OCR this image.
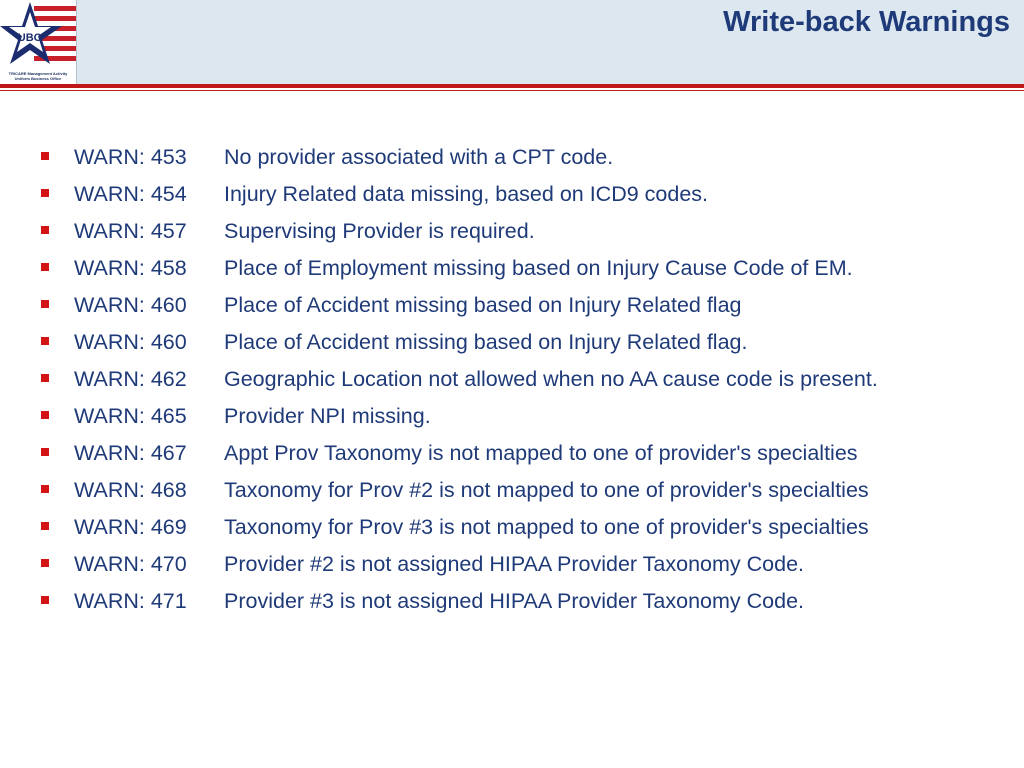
UBO
TRICARE Management Activity
Uniform Business Office
Write-back Warnings
WARN: 453 No provider associated with a CPT code.
WARN: 454 Injury Related data missing, based on ICD9 codes.
WARN: 457 Supervising Provider is required.
WARN: 458 Place of Employment missing based on Injury Cause Code of EM.
WARN: 460 Place of Accident missing based on Injury Related flag
WARN: 460 Place of Accident missing based on Injury Related flag.
WARN: 462 Geographic Location not allowed when no AA cause code is present.
WARN: 465 Provider NPI missing.
WARN: 467 Appt Prov Taxonomy is not mapped to one of provider's specialties
WARN: 468 Taxonomy for Prov #2 is not mapped to one of provider's specialties
WARN: 469 Taxonomy for Prov #3 is not mapped to one of provider's specialties
WARN: 470 Provider #2 is not assigned HIPAA Provider Taxonomy Code.
WARN: 471 Provider #3 is not assigned HIPAA Provider Taxonomy Code.
